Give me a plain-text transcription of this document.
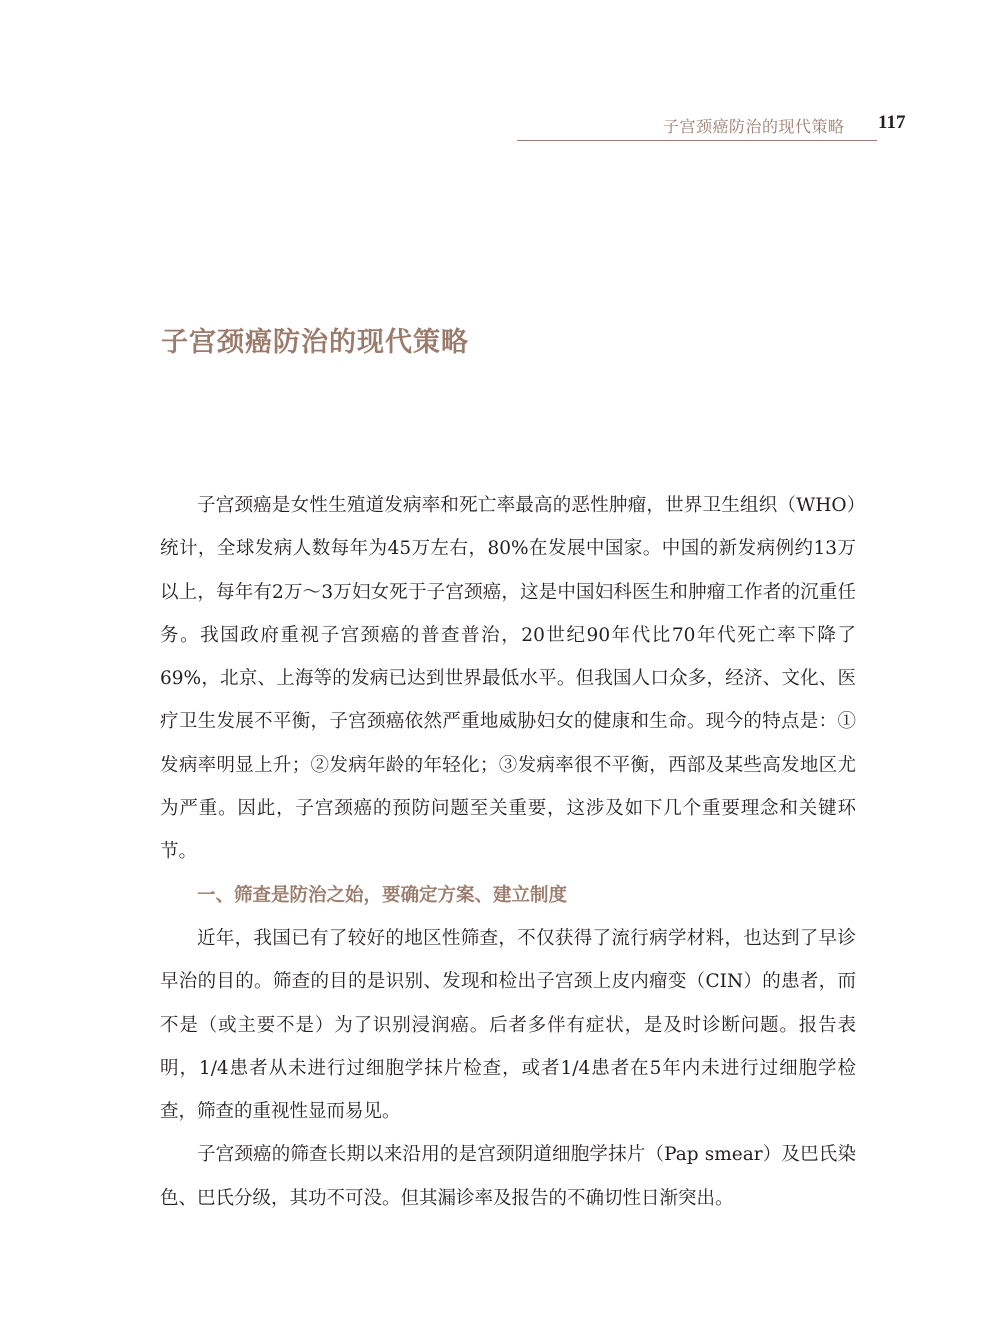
子宫颈癌防治的现代策略 117
子宫颈癌防治的现代策略

子宫颈癌是女性生殖道发病率和死亡率最高的恶性肿瘤，世界卫生组织（WHO）统计，全球发病人数每年为45万左右，80%在发展中国家。中国的新发病例约13万以上，每年有2万～3万妇女死于子宫颈癌，这是中国妇科医生和肿瘤工作者的沉重任务。我国政府重视子宫颈癌的普查普治，20世纪90年代比70年代死亡率下降了69%，北京、上海等的发病已达到世界最低水平。但我国人口众多，经济、文化、医疗卫生发展不平衡，子宫颈癌依然严重地威胁妇女的健康和生命。现今的特点是：①发病率明显上升；②发病年龄的年轻化；③发病率很不平衡，西部及某些高发地区尤为严重。因此，子宫颈癌的预防问题至关重要，这涉及如下几个重要理念和关键环节。

一、筛查是防治之始，要确定方案、建立制度

近年，我国已有了较好的地区性筛查，不仅获得了流行病学材料，也达到了早诊早治的目的。筛查的目的是识别、发现和检出子宫颈上皮内瘤变（CIN）的患者，而不是（或主要不是）为了识别浸润癌。后者多伴有症状，是及时诊断问题。报告表明，1/4患者从未进行过细胞学抹片检查，或者1/4患者在5年内未进行过细胞学检查，筛查的重视性显而易见。

子宫颈癌的筛查长期以来沿用的是宫颈阴道细胞学抹片（Pap smear）及巴氏染色、巴氏分级，其功不可没。但其漏诊率及报告的不确切性日渐突出。
